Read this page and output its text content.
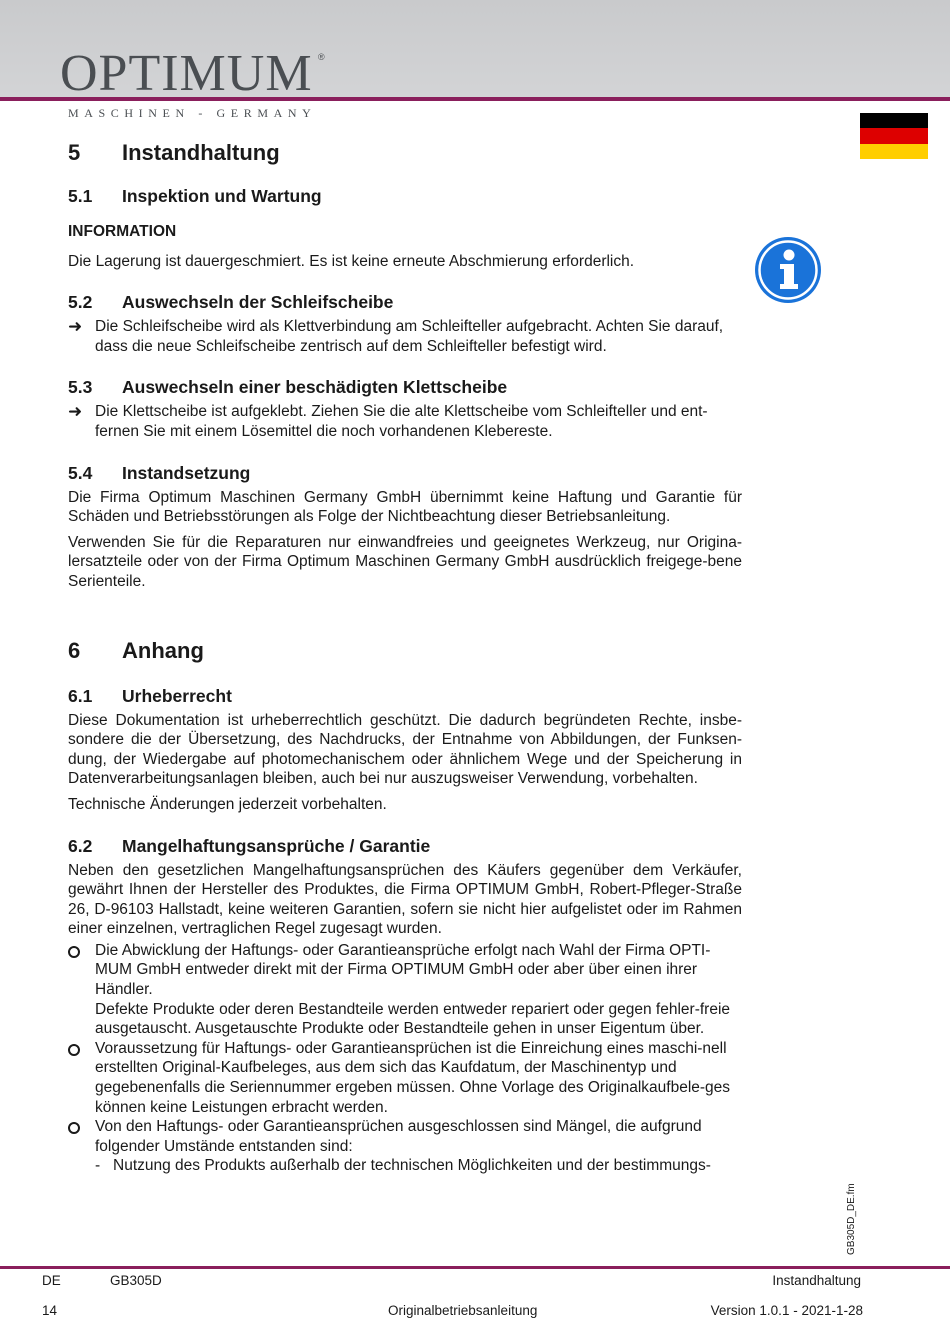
OPTIMUM ®
MASCHINEN - GERMANY
5	Instandhaltung
5.1	Inspektion und Wartung
INFORMATION

Die Lagerung ist dauergeschmiert. Es ist keine erneute Abschmierung erforderlich.

5.2	Auswechseln der Schleifscheibe
➜ Die Schleifscheibe wird als Klettverbindung am Schleifteller aufgebracht. Achten Sie darauf, dass die neue Schleifscheibe zentrisch auf dem Schleifteller befestigt wird.
5.3	Auswechseln einer beschädigten Klettscheibe
➜ Die Klettscheibe ist aufgeklebt. Ziehen Sie die alte Klettscheibe vom Schleifteller und ent-fernen Sie mit einem Lösemittel die noch vorhandenen Klebereste.
5.4	Instandsetzung

Die Firma Optimum Maschinen Germany GmbH übernimmt keine Haftung und Garantie für Schäden und Betriebsstörungen als Folge der Nichtbeachtung dieser Betriebsanleitung.

Verwenden Sie für die Reparaturen nur einwandfreies und geeignetes Werkzeug, nur Origina-lersatzteile oder von der Firma Optimum Maschinen Germany GmbH ausdrücklich freigege-bene Serienteile.

6	Anhang
6.1	Urheberrecht

Diese Dokumentation ist urheberrechtlich geschützt. Die dadurch begründeten Rechte, insbe-sondere die der Übersetzung, des Nachdrucks, der Entnahme von Abbildungen, der Funksen-dung, der Wiedergabe auf photomechanischem oder ähnlichem Wege und der Speicherung in Datenverarbeitungsanlagen bleiben, auch bei nur auszugsweiser Verwendung, vorbehalten.

Technische Änderungen jederzeit vorbehalten.

6.2	Mangelhaftungsansprüche / Garantie

Neben den gesetzlichen Mangelhaftungsansprüchen des Käufers gegenüber dem Verkäufer, gewährt Ihnen der Hersteller des Produktes, die Firma OPTIMUM GmbH, Robert-Pfleger-Straße 26, D-96103 Hallstadt, keine weiteren Garantien, sofern sie nicht hier aufgelistet oder im Rahmen einer einzelnen, vertraglichen Regel zugesagt wurden.

Die Abwicklung der Haftungs- oder Garantieansprüche erfolgt nach Wahl der Firma OPTI-MUM GmbH entweder direkt mit der Firma OPTIMUM GmbH oder aber über einen ihrer Händler.
Defekte Produkte oder deren Bestandteile werden entweder repariert oder gegen fehler-freie ausgetauscht. Ausgetauschte Produkte oder Bestandteile gehen in unser Eigentum über.
Voraussetzung für Haftungs- oder Garantieansprüchen ist die Einreichung eines maschi-nell erstellten Original-Kaufbeleges, aus dem sich das Kaufdatum, der Maschinentyp und gegebenenfalls die Seriennummer ergeben müssen. Ohne Vorlage des Originalkaufbele-ges können keine Leistungen erbracht werden.
Von den Haftungs- oder Garantieansprüchen ausgeschlossen sind Mängel, die aufgrund folgender Umstände entstanden sind:
- Nutzung des Produkts außerhalb der technischen Möglichkeiten und der bestimmungs-
GB305D_DE.fm
DE	GB305D	Instandhaltung
14	Originalbetriebsanleitung	Version 1.0.1 - 2021-1-28
